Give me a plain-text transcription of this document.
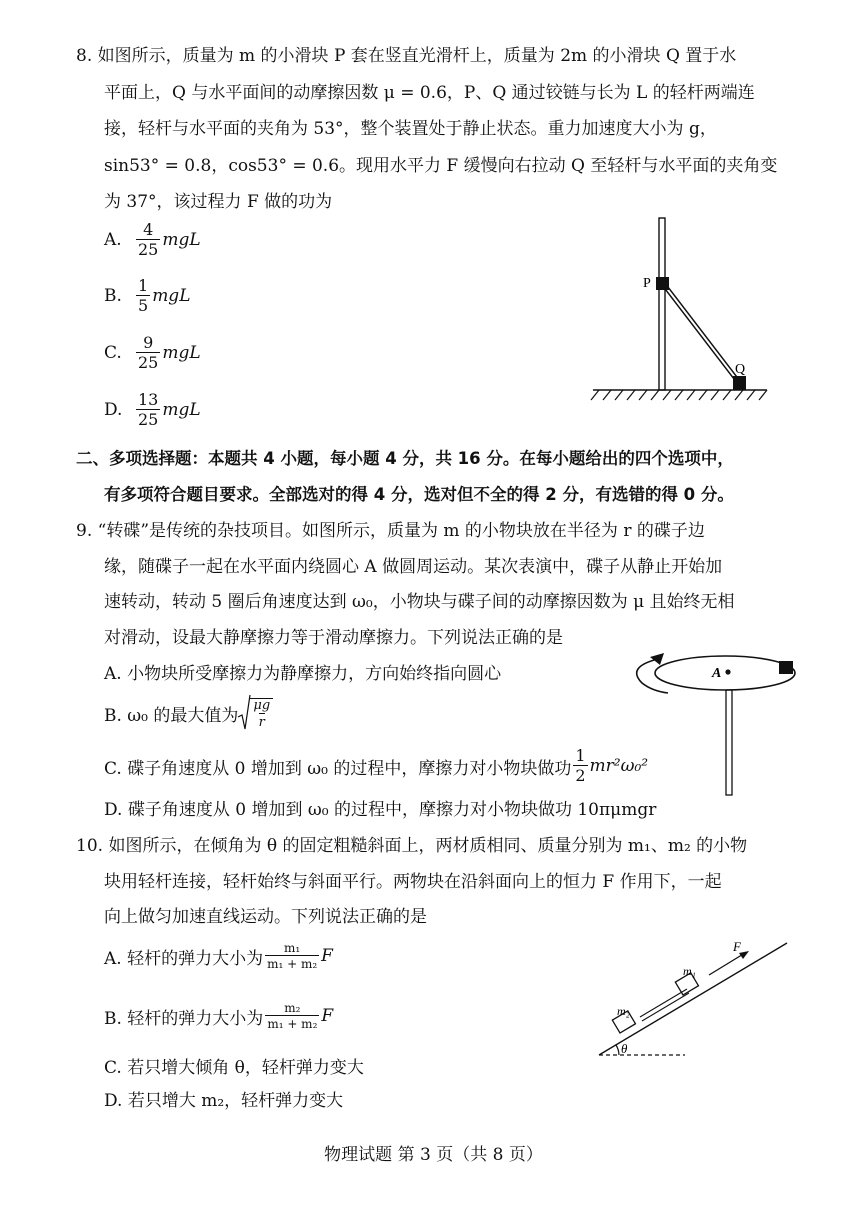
8. 如图所示，质量为 m 的小滑块 P 套在竖直光滑杆上，质量为 2m 的小滑块 Q 置于水
平面上，Q 与水平面间的动摩擦因数 μ = 0.6，P、Q 通过铰链与长为 L 的轻杆两端连
接，轻杆与水平面的夹角为 53°，整个装置处于静止状态。重力加速度大小为 g，
sin53° = 0.8，cos53° = 0.6。现用水平力 F 缓慢向右拉动 Q 至轻杆与水平面的夹角变
为 37°，该过程力 F 做的功为
A. $\frac{4}{25}$ mgL
B. $\frac{1}{5}$ mgL
C. $\frac{9}{25}$ mgL
D. $\frac{13}{25}$ mgL
P
Q
二、多项选择题：本题共 4 小题，每小题 4 分，共 16 分。在每小题给出的四个选项中，
有多项符合题目要求。全部选对的得 4 分，选对但不全的得 2 分，有选错的得 0 分。
9. “转碟”是传统的杂技项目。如图所示，质量为 m 的小物块放在半径为 r 的碟子边
缘，随碟子一起在水平面内绕圆心 A 做圆周运动。某次表演中，碟子从静止开始加
速转动，转动 5 圈后角速度达到 ω₀，小物块与碟子间的动摩擦因数为 μ 且始终无相
对滑动，设最大静摩擦力等于滑动摩擦力。下列说法正确的是
A. 小物块所受摩擦力为静摩擦力，方向始终指向圆心
B. ω₀ 的最大值为 $\frac{\mu g}{r}$
C. 碟子角速度从 0 增加到 ω₀ 的过程中，摩擦力对小物块做功 $\frac{1}{2} mr^2\omega_0^2$
D. 碟子角速度从 0 增加到 ω₀ 的过程中，摩擦力对小物块做功 10πμmgr
A
10. 如图所示，在倾角为 θ 的固定粗糙斜面上，两材质相同、质量分别为 m₁、m₂ 的小物
块用轻杆连接，轻杆始终与斜面平行。两物块在沿斜面向上的恒力 F 作用下，一起
向上做匀加速直线运动。下列说法正确的是
A. 轻杆的弹力大小为 $\frac{\text{m₁}}{\text{m₁ + m₂}}$ F
B. 轻杆的弹力大小为 $\frac{\text{m₂}}{\text{m₁ + m₂}}$ F
C. 若只增大倾角 θ，轻杆弹力变大
D. 若只增大 m₂，轻杆弹力变大
θ
F
m₁
m₂
物理试题 第 3 页（共 8 页）
